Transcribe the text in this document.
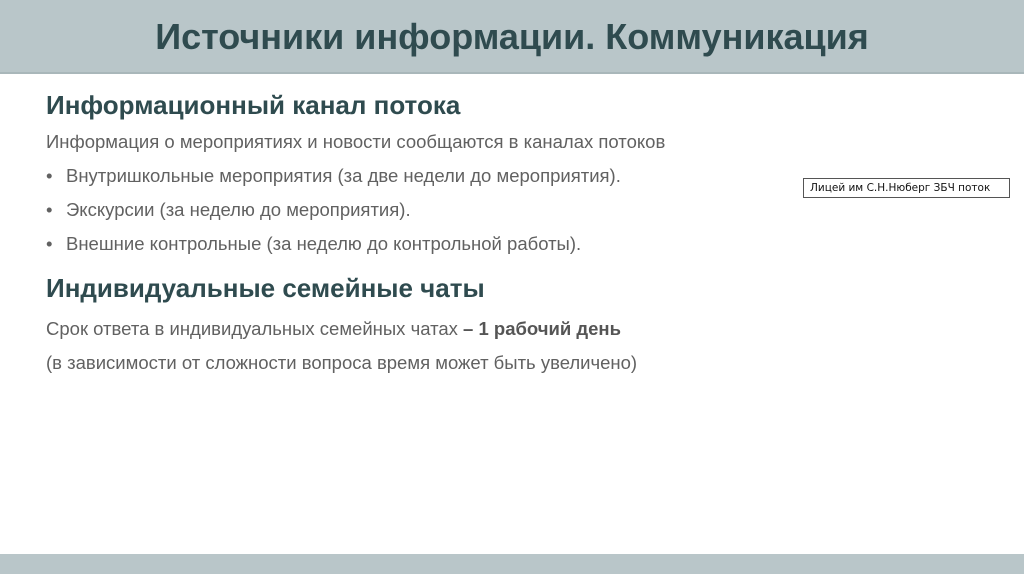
Источники информации. Коммуникация
Информационный канал потока

Информация о мероприятиях и новости сообщаются в каналах потоков

• Внутришкольные мероприятия (за две недели до мероприятия).

• Экскурсии (за неделю до мероприятия).

• Внешние контрольные (за неделю до контрольной работы).

Лицей им С.Н.Нюберг ЗБЧ поток
Индивидуальные семейные чаты

Срок ответа в индивидуальных семейных чатах – 1 рабочий день

(в зависимости от сложности вопроса время может быть увеличено)
